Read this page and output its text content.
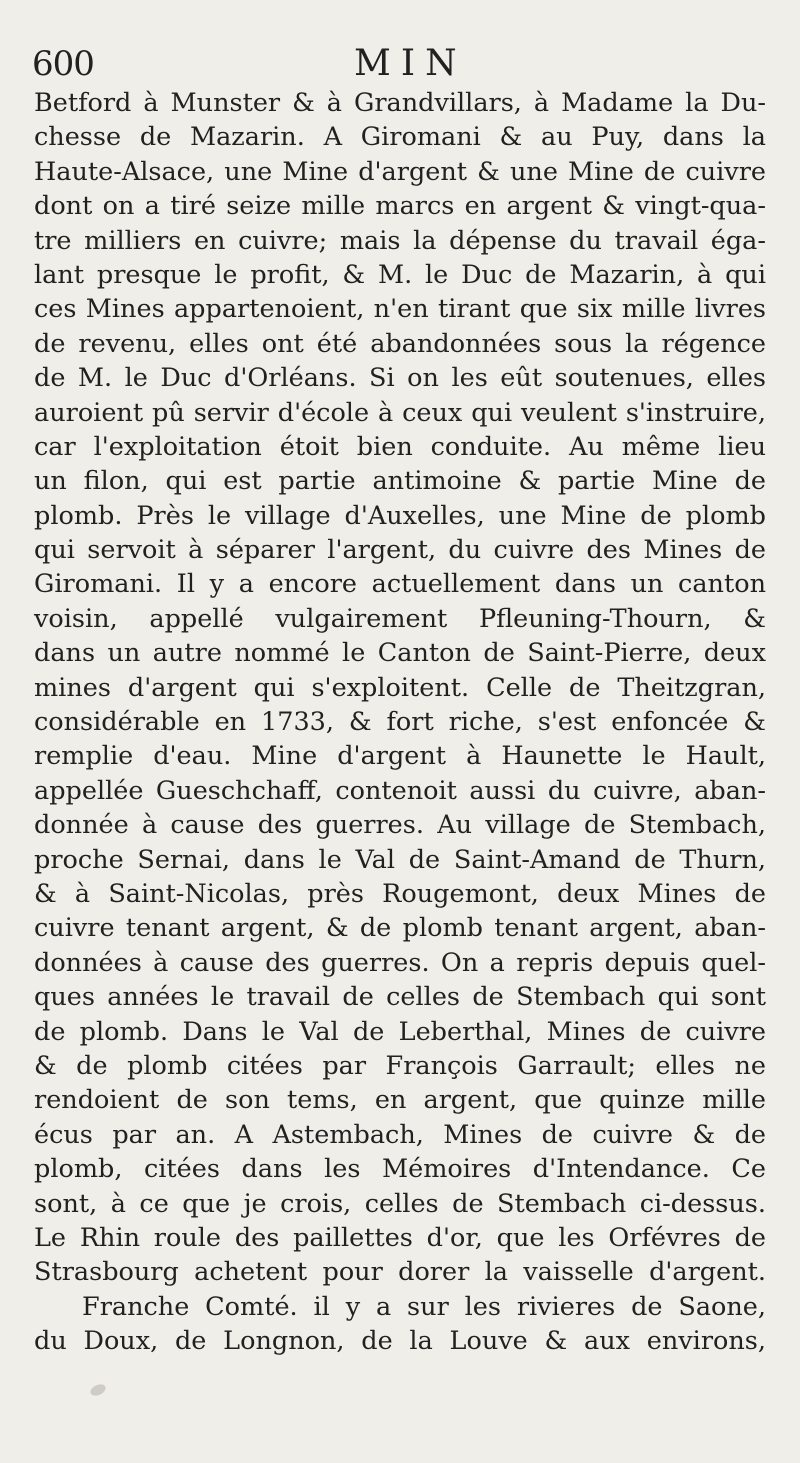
600	MIN
Betford à Munster & à Grandvillars, à Madame la Du-
chesse de Mazarin. A Giromani & au Puy, dans la
Haute-Alsace, une Mine d'argent & une Mine de cuivre
dont on a tiré seize mille marcs en argent & vingt-qua-
tre milliers en cuivre; mais la dépense du travail éga-
lant presque le profit, & M. le Duc de Mazarin, à qui
ces Mines appartenoient, n'en tirant que six mille livres
de revenu, elles ont été abandonnées sous la régence
de M. le Duc d'Orléans. Si on les eût soutenues, elles
auroient pû servir d'école à ceux qui veulent s'instruire,
car l'exploitation étoit bien conduite. Au même lieu
un filon, qui est partie antimoine & partie Mine de
plomb. Près le village d'Auxelles, une Mine de plomb
qui servoit à séparer l'argent, du cuivre des Mines de
Giromani. Il y a encore actuellement dans un canton
voisin, appellé vulgairement Pfleuning-Thourn, &
dans un autre nommé le Canton de Saint-Pierre, deux
mines d'argent qui s'exploitent. Celle de Theitzgran,
considérable en 1733, & fort riche, s'est enfoncée &
remplie d'eau. Mine d'argent à Haunette le Hault,
appellée Gueschchaff, contenoit aussi du cuivre, aban-
donnée à cause des guerres. Au village de Stembach,
proche Sernai, dans le Val de Saint-Amand de Thurn,
& à Saint-Nicolas, près Rougemont, deux Mines de
cuivre tenant argent, & de plomb tenant argent, aban-
données à cause des guerres. On a repris depuis quel-
ques années le travail de celles de Stembach qui sont
de plomb. Dans le Val de Leberthal, Mines de cuivre
& de plomb citées par François Garrault; elles ne
rendoient de son tems, en argent, que quinze mille
écus par an. A Astembach, Mines de cuivre & de
plomb, citées dans les Mémoires d'Intendance. Ce
sont, à ce que je crois, celles de Stembach ci-dessus.
Le Rhin roule des paillettes d'or, que les Orfévres de
Strasbourg achetent pour dorer la vaisselle d'argent.
Franche Comté. il y a sur les rivieres de Saone,
du Doux, de Longnon, de la Louve & aux environs,
